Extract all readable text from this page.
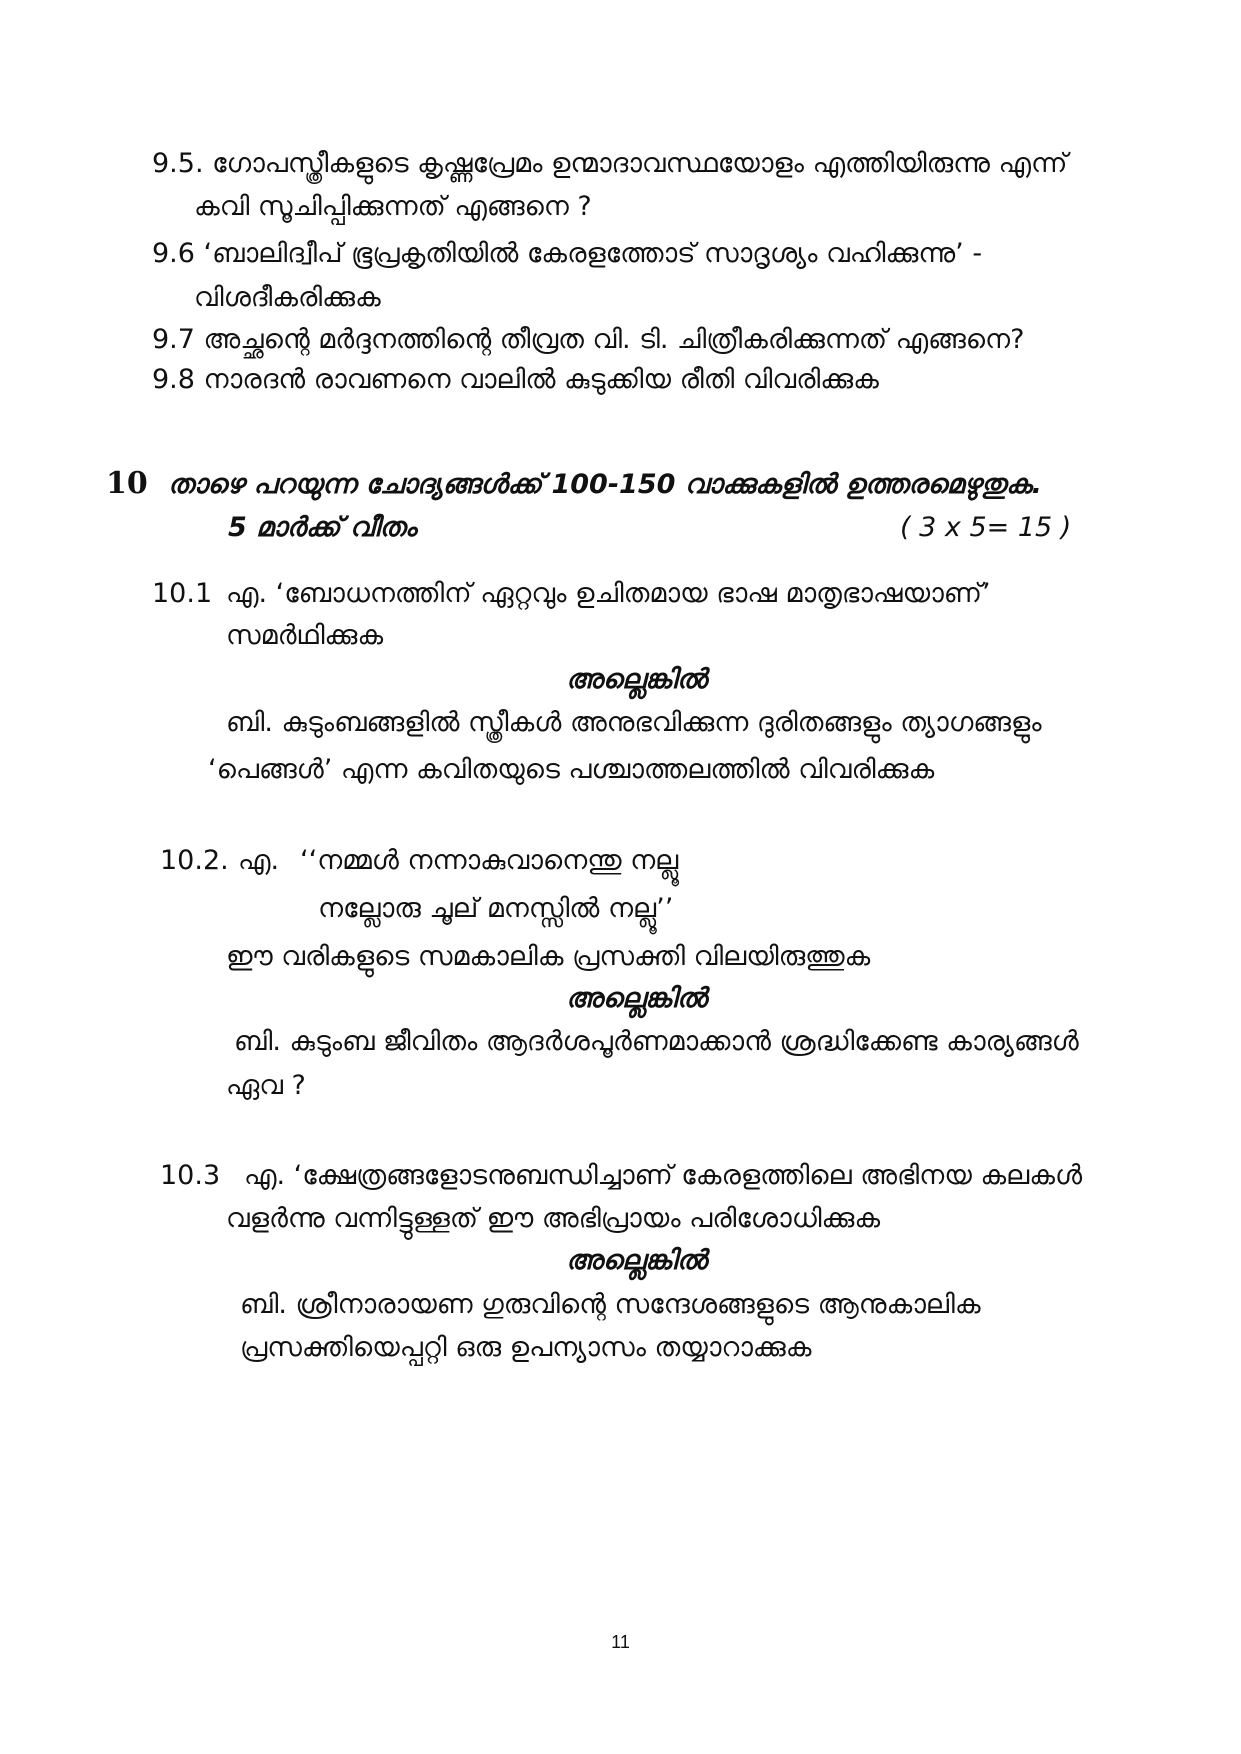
9.5. ഗോപസ്ത്രീകളുടെ കൃഷ്ണപ്രേമം ഉന്മാദാവസ്ഥയോളം എത്തിയിരുന്നു എന്ന്
കവി സൂചിപ്പിക്കുന്നത് എങ്ങനെ ?
9.6 ‘ബാലിദ്വീപ് ഭൂപ്രകൃതിയിൽ കേരളത്തോട് സാദൃശ്യം വഹിക്കുന്നു’ -
വിശദീകരിക്കുക
9.7 അച്ഛന്റെ മർദ്ദനത്തിന്റെ തീവ്രത വി. ടി. ചിത്രീകരിക്കുന്നത് എങ്ങനെ?
9.8 നാരദൻ രാവണനെ വാലിൽ കുടുക്കിയ രീതി വിവരിക്കുക
10 താഴെ പറയുന്ന ചോദ്യങ്ങൾക്ക് 100-150 വാക്കുകളിൽ ഉത്തരമെഴുതുക.
5 മാർക്ക് വീതം	( 3 x 5= 15 )
10.1 എ. ‘ബോധനത്തിന് ഏറ്റവും ഉചിതമായ ഭാഷ മാതൃഭാഷയാണ്’
സമർഥിക്കുക
അല്ലെങ്കിൽ
ബി. കുടുംബങ്ങളിൽ സ്ത്രീകൾ അനുഭവിക്കുന്ന ദുരിതങ്ങളും ത്യാഗങ്ങളും
‘പെങ്ങൾ’ എന്ന കവിതയുടെ പശ്ചാത്തലത്തിൽ വിവരിക്കുക
10.2. എ. ‘‘നമ്മൾ നന്നാകുവാനെന്തു നല്ലൂ
നല്ലോരു ചൂല് മനസ്സിൽ നല്ലൂ’’
ഈ വരികളുടെ സമകാലിക പ്രസക്തി വിലയിരുത്തുക
അല്ലെങ്കിൽ
ബി. കുടുംബ ജീവിതം ആദർശപൂർണമാക്കാൻ ശ്രദ്ധിക്കേണ്ട കാര്യങ്ങൾ
ഏവ ?
10.3 എ. ‘ക്ഷേത്രങ്ങളോടനുബന്ധിച്ചാണ് കേരളത്തിലെ അഭിനയ കലകൾ
വളർന്നു വന്നിട്ടുള്ളത് ഈ അഭിപ്രായം പരിശോധിക്കുക
അല്ലെങ്കിൽ
ബി. ശ്രീനാരായണ ഗുരുവിന്റെ സന്ദേശങ്ങളുടെ ആനുകാലിക
പ്രസക്തിയെപ്പറ്റി ഒരു ഉപന്യാസം തയ്യാറാക്കുക
11
